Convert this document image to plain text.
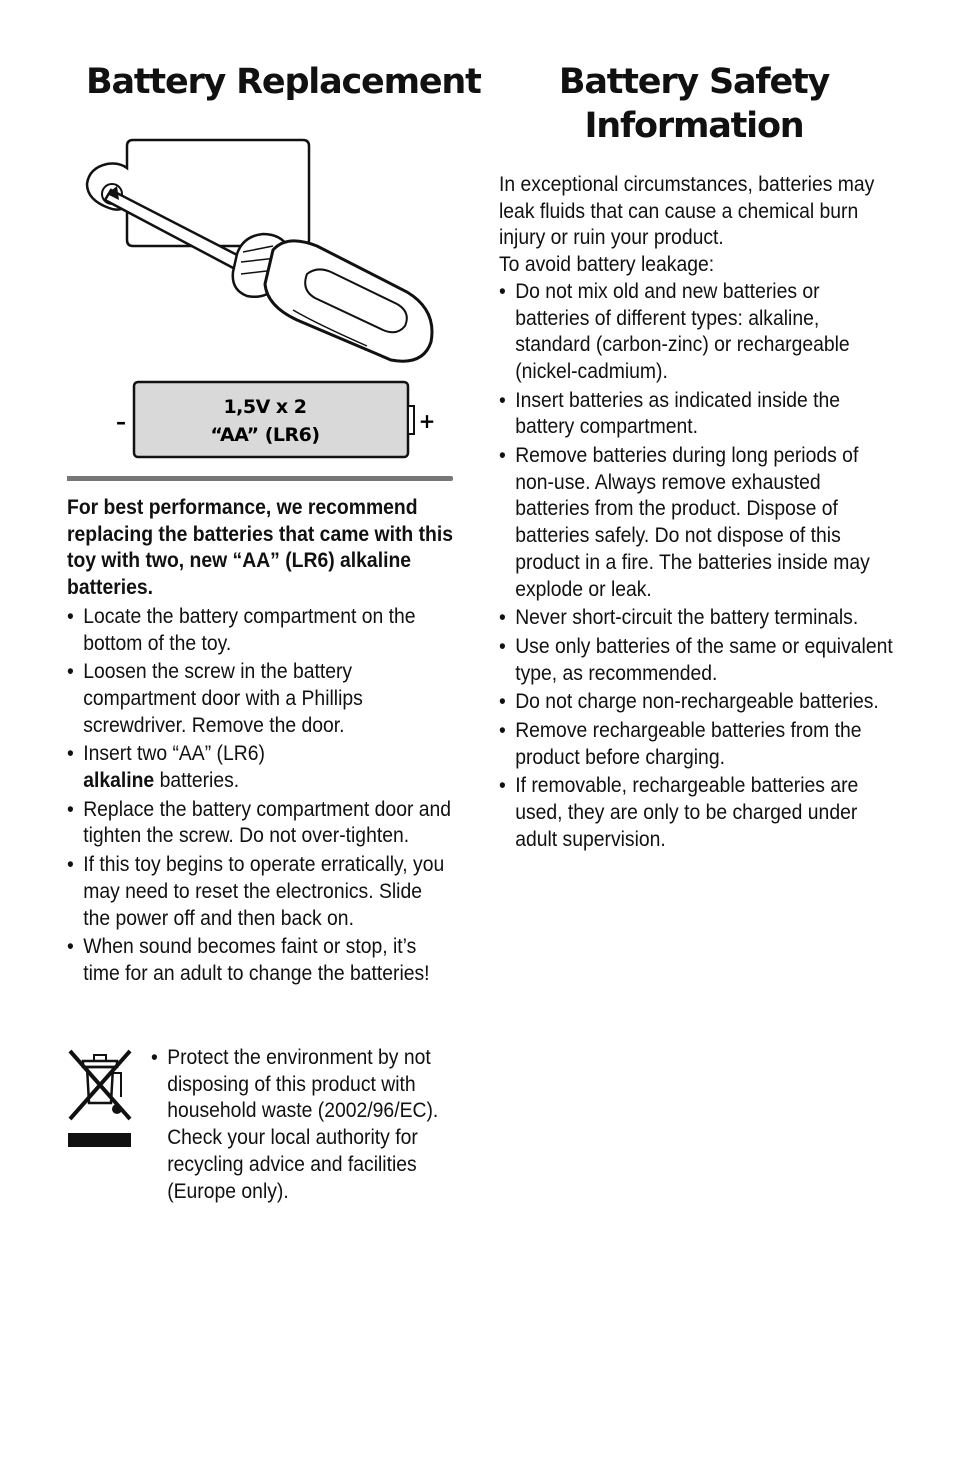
Battery Replacement	Battery Safety
Information
1,5V x 2
“AA” (LR6)
–	+
For best performance, we recommend replacing the batteries that came with this toy with two, new “AA” (LR6) alkaline batteries.
• Locate the battery compartment on the bottom of the toy.
• Loosen the screw in the battery compartment door with a Phillips screwdriver. Remove the door.
• Insert two “AA” (LR6)
alkaline batteries.
• Replace the battery compartment door and tighten the screw. Do not over-tighten.
• If this toy begins to operate erratically, you may need to reset the electronics. Slide the power off and then back on.
• When sound becomes faint or stop, it’s time for an adult to change the batteries!
• Protect the environment by not disposing of this product with household waste (2002/96/EC). Check your local authority for recycling advice and facilities (Europe only).
In exceptional circumstances, batteries may leak fluids that can cause a chemical burn injury or ruin your product.
To avoid battery leakage:
• Do not mix old and new batteries or batteries of different types: alkaline, standard (carbon-zinc) or rechargeable (nickel-cadmium).
• Insert batteries as indicated inside the battery compartment.
• Remove batteries during long periods of non-use. Always remove exhausted batteries from the product. Dispose of batteries safely. Do not dispose of this product in a fire. The batteries inside may explode or leak.
• Never short-circuit the battery terminals.
• Use only batteries of the same or equivalent type, as recommended.
• Do not charge non-rechargeable batteries.
• Remove rechargeable batteries from the product before charging.
• If removable, rechargeable batteries are used, they are only to be charged under adult supervision.
